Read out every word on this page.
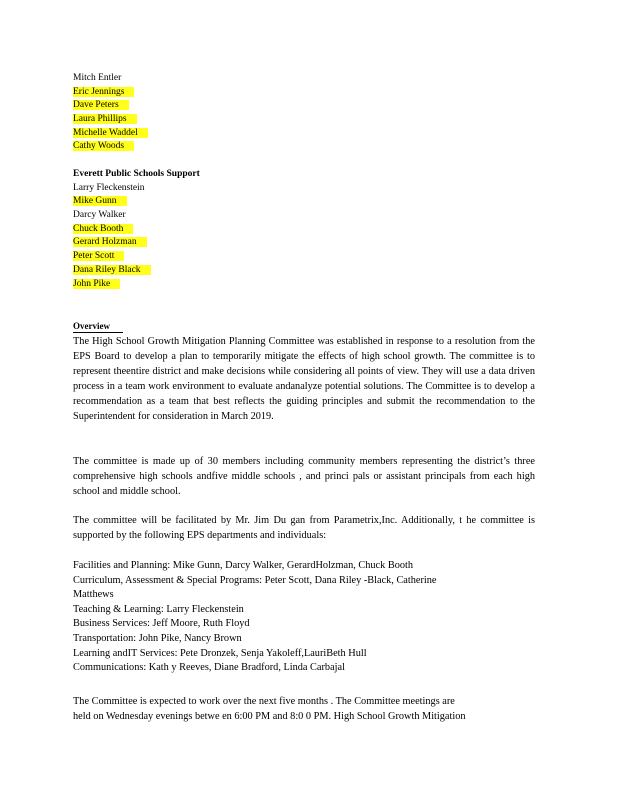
Mitch Entler
Eric Jennings
Dave Peters
Laura Phillips
Michelle Waddel
Cathy Woods
Everett Public Schools Support
Larry Fleckenstein
Mike Gunn
Darcy Walker
Chuck Booth
Gerard Holzman
Peter Scott
Dana Riley Black
John Pike
Overview

The High School Growth Mitigation Planning Committee was established in response to a resolution from the EPS Board to develop a plan to temporarily mitigate the effects of high school growth. The committee is to represent theentire district and make decisions while considering all points of view. They will use a data driven process in a team work environment to evaluate andanalyze potential solutions. The Committee is to develop a recommendation as a team that best reflects the guiding principles and submit the recommendation to the Superintendent for consideration in March 2019.

The committee is made up of 30 members including community members representing the district’s three comprehensive high schools andfive middle schools , and princi pals or assistant principals from each high school and middle school.

The committee will be facilitated by Mr. Jim Du gan from Parametrix,Inc. Additionally, t he committee is supported by the following EPS departments and individuals:

Facilities and Planning: Mike Gunn, Darcy Walker, GerardHolzman, Chuck Booth
Curriculum, Assessment & Special Programs: Peter Scott, Dana Riley -Black, Catherine
Matthews
Teaching & Learning: Larry Fleckenstein
Business Services: Jeff Moore, Ruth Floyd
Transportation: John Pike, Nancy Brown
Learning andIT Services: Pete Dronzek, Senja Yakoleff,LauriBeth Hull
Communications: Kath y Reeves, Diane Bradford, Linda Carbajal
The Committee is expected to work over the next five months . The Committee meetings are
held on Wednesday evenings betwe en 6:00 PM and 8:0 0 PM. High School Growth Mitigation
